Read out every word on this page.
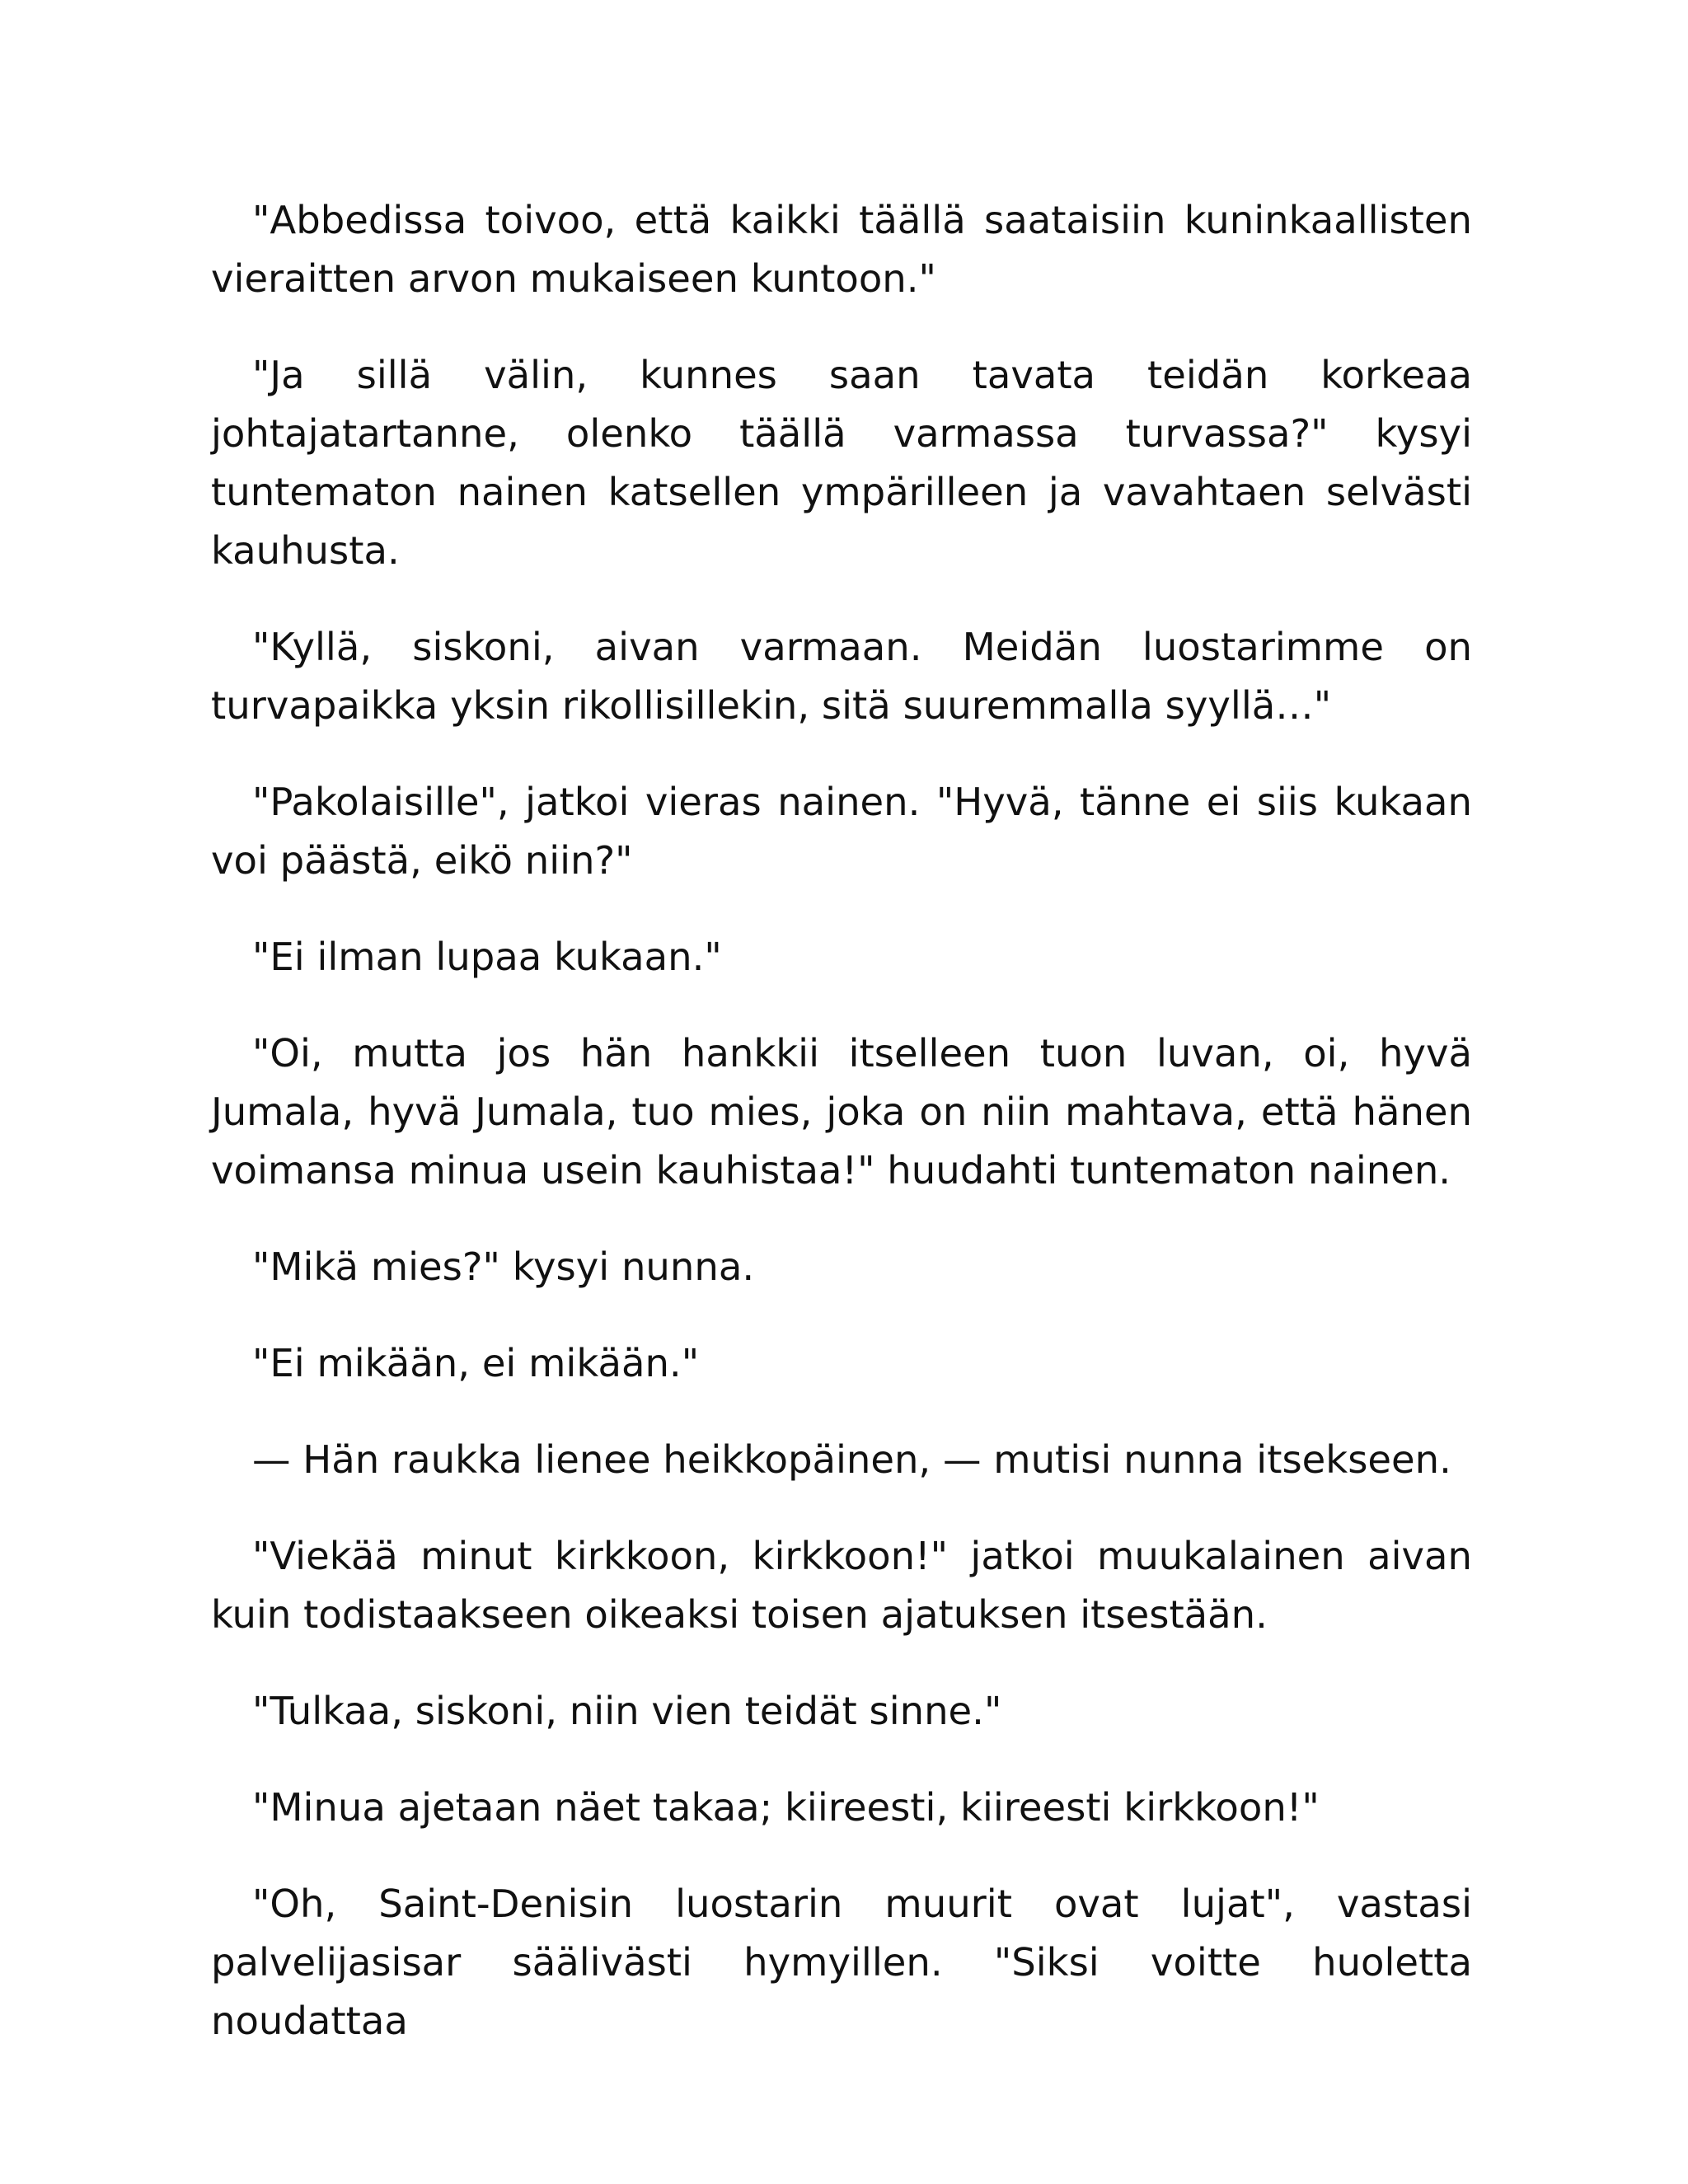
"Abbedissa toivoo, että kaikki täällä saataisiin kuninkaallisten vieraitten arvon mukaiseen kuntoon."

"Ja sillä välin, kunnes saan tavata teidän korkeaa johtajatartanne, olenko täällä varmassa turvassa?" kysyi tuntematon nainen katsellen ympärilleen ja vavahtaen selvästi kauhusta.

"Kyllä, siskoni, aivan varmaan. Meidän luostarimme on turvapaikka yksin rikollisillekin, sitä suuremmalla syyllä…"

"Pakolaisille", jatkoi vieras nainen. "Hyvä, tänne ei siis kukaan voi päästä, eikö niin?"

"Ei ilman lupaa kukaan."

"Oi, mutta jos hän hankkii itselleen tuon luvan, oi, hyvä Jumala, hyvä Jumala, tuo mies, joka on niin mahtava, että hänen voimansa minua usein kauhistaa!" huudahti tuntematon nainen.

"Mikä mies?" kysyi nunna.

"Ei mikään, ei mikään."

— Hän raukka lienee heikkopäinen, — mutisi nunna itsekseen.

"Viekää minut kirkkoon, kirkkoon!" jatkoi muukalainen aivan kuin todistaakseen oikeaksi toisen ajatuksen itsestään.

"Tulkaa, siskoni, niin vien teidät sinne."

"Minua ajetaan näet takaa; kiireesti, kiireesti kirkkoon!"

"Oh, Saint-Denisin luostarin muurit ovat lujat", vastasi palvelijasisar säälivästi hymyillen. "Siksi voitte huoletta noudattaa
